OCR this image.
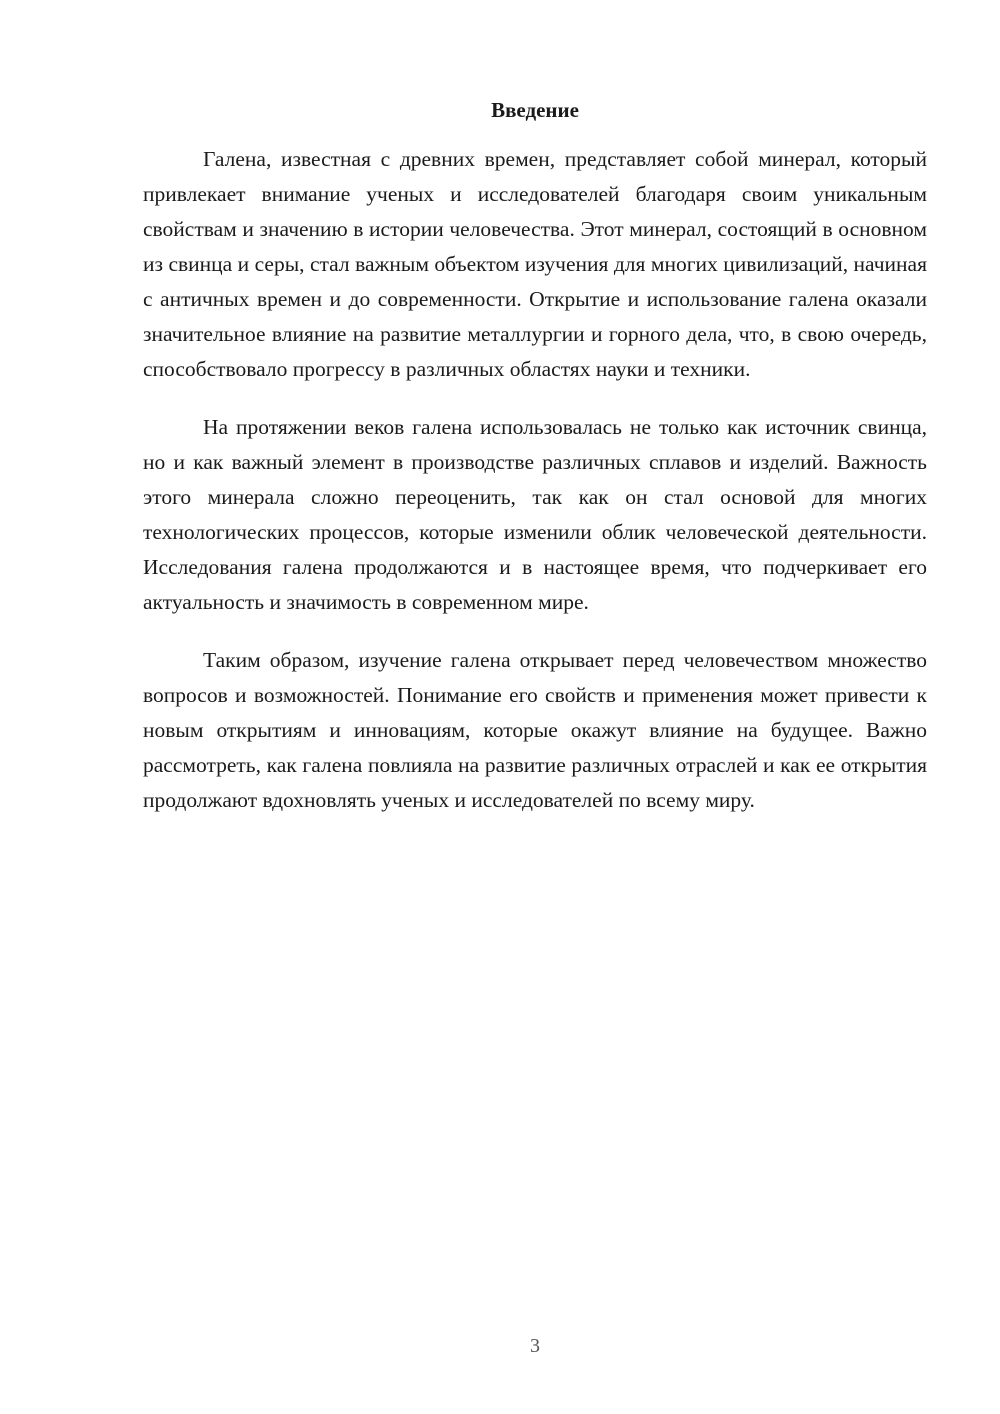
Введение

Галена, известная с древних времен, представляет собой минерал, который привлекает внимание ученых и исследователей благодаря своим уникальным свойствам и значению в истории человечества. Этот минерал, состоящий в основном из свинца и серы, стал важным объектом изучения для многих цивилизаций, начиная с античных времен и до современности. Открытие и использование галена оказали значительное влияние на развитие металлургии и горного дела, что, в свою очередь, способствовало прогрессу в различных областях науки и техники.

На протяжении веков галена использовалась не только как источник свинца, но и как важный элемент в производстве различных сплавов и изделий. Важность этого минерала сложно переоценить, так как он стал основой для многих технологических процессов, которые изменили облик человеческой деятельности. Исследования галена продолжаются и в настоящее время, что подчеркивает его актуальность и значимость в современном мире.

Таким образом, изучение галена открывает перед человечеством множество вопросов и возможностей. Понимание его свойств и применения может привести к новым открытиям и инновациям, которые окажут влияние на будущее. Важно рассмотреть, как галена повлияла на развитие различных отраслей и как ее открытия продолжают вдохновлять ученых и исследователей по всему миру.

3
